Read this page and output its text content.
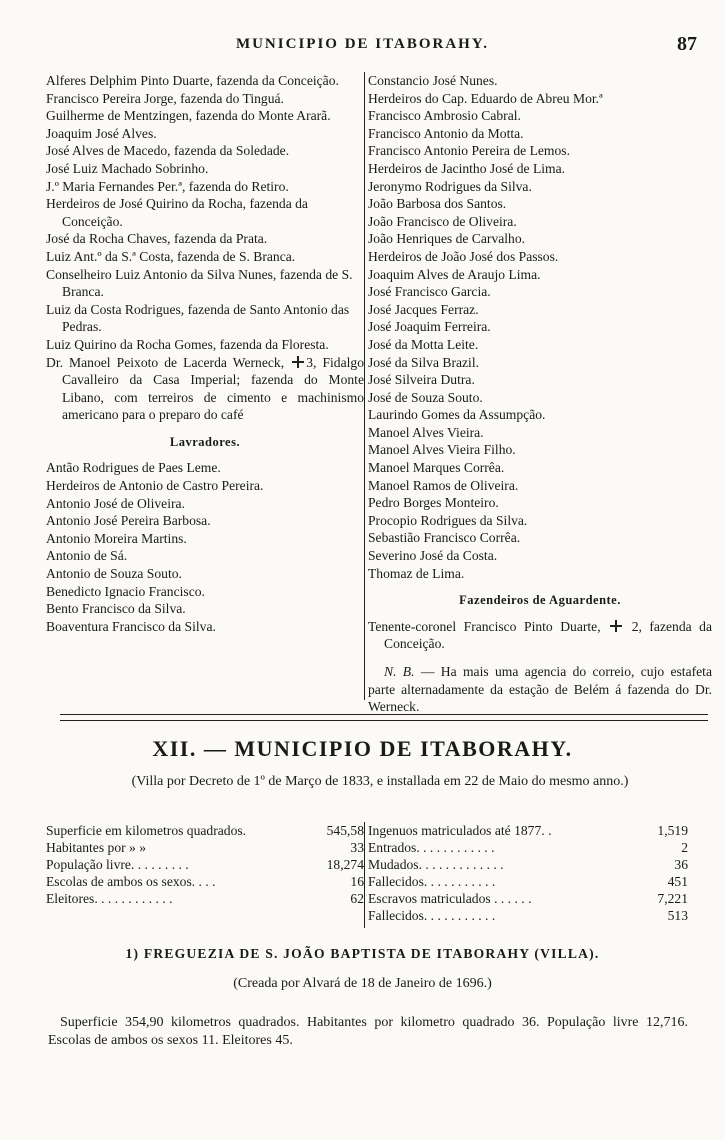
MUNICIPIO DE ITABORAHY.	87

Alferes Delphim Pinto Duarte, fazenda da Conceição.

Francisco Pereira Jorge, fazenda do Tinguá.

Guilherme de Mentzingen, fazenda do Monte Ararã.

Joaquim José Alves.

José Alves de Macedo, fazenda da Soledade.

José Luiz Machado Sobrinho.

J.º Maria Fernandes Per.ª, fazenda do Retiro.

Herdeiros de José Quirino da Rocha, fazenda da Conceição.

José da Rocha Chaves, fazenda da Prata.

Luiz Ant.º da S.ª Costa, fazenda de S. Branca.

Conselheiro Luiz Antonio da Silva Nunes, fazenda de S. Branca.

Luiz da Costa Rodrigues, fazenda de Santo Antonio das Pedras.

Luiz Quirino da Rocha Gomes, fazenda da Floresta.

Dr. Manoel Peixoto de Lacerda Werneck, 3, Fidalgo Cavalleiro da Casa Imperial; fazenda do Monte Libano, com terreiros de cimento e machinismo americano para o preparo do café

Lavradores.

Antão Rodrigues de Paes Leme.

Herdeiros de Antonio de Castro Pereira.

Antonio José de Oliveira.

Antonio José Pereira Barbosa.

Antonio Moreira Martins.

Antonio de Sá.

Antonio de Souza Souto.

Benedicto Ignacio Francisco.

Bento Francisco da Silva.

Boaventura Francisco da Silva.

Constancio José Nunes.

Herdeiros do Cap. Eduardo de Abreu Mor.ª

Francisco Ambrosio Cabral.

Francisco Antonio da Motta.

Francisco Antonio Pereira de Lemos.

Herdeiros de Jacintho José de Lima.

Jeronymo Rodrigues da Silva.

João Barbosa dos Santos.

João Francisco de Oliveira.

João Henriques de Carvalho.

Herdeiros de João José dos Passos.

Joaquim Alves de Araujo Lima.

José Francisco Garcia.

José Jacques Ferraz.

José Joaquim Ferreira.

José da Motta Leite.

José da Silva Brazil.

José Silveira Dutra.

José de Souza Souto.

Laurindo Gomes da Assumpção.

Manoel Alves Vieira.

Manoel Alves Vieira Filho.

Manoel Marques Corrêa.

Manoel Ramos de Oliveira.

Pedro Borges Monteiro.

Procopio Rodrigues da Silva.

Sebastião Francisco Corrêa.

Severino José da Costa.

Thomaz de Lima.

Fazendeiros de Aguardente.

Tenente-coronel Francisco Pinto Duarte, 2, fazenda da Conceição.

N. B. — Ha mais uma agencia do correio, cujo estafeta parte alternadamente da estação de Belém á fazenda do Dr. Werneck.

XII. — MUNICIPIO DE ITABORAHY.
(Villa por Decreto de 1º de Março de 1833, e installada em 22 de Maio do mesmo anno.)
Superficie em kilometros quadrados.	545,58
Habitantes por » »	33
População livre. . . . . . . . .	18,274
Escolas de ambos os sexos. . . .	16
Eleitores. . . . . . . . . . . .	62
Ingenuos matriculados até 1877. .	1,519
Entrados. . . . . . . . . . . .	2
Mudados. . . . . . . . . . . . .	36
Fallecidos. . . . . . . . . . .	451
Escravos matriculados . . . . . .	7,221
Fallecidos. . . . . . . . . . .	513
1) FREGUEZIA DE S. JOÃO BAPTISTA DE ITABORAHY (VILLA).
(Creada por Alvará de 18 de Janeiro de 1696.)
Superficie 354,90 kilometros quadrados. Habitantes por kilometro quadrado 36. População livre 12,716. Escolas de ambos os sexos 11. Eleitores 45.
